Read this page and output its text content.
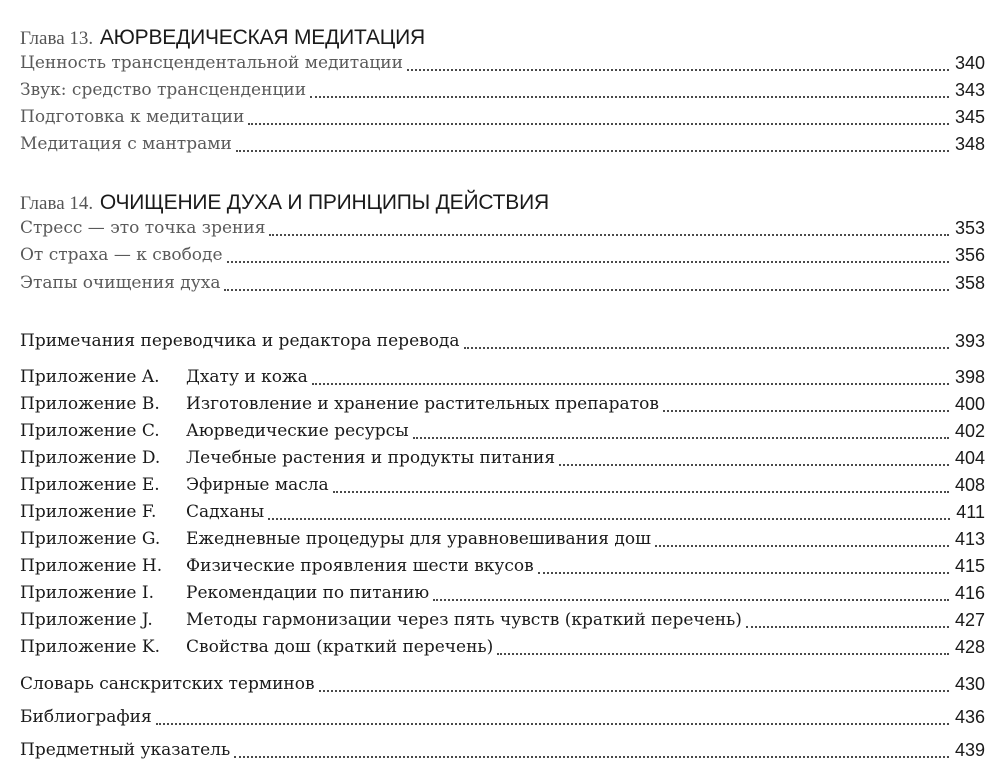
Глава 13. АЮРВЕДИЧЕСКАЯ МЕДИТАЦИЯ
Ценность трансцендентальной медитации	340
Звук: средство трансценденции	343
Подготовка к медитации	345
Медитация с мантрами	348
Глава 14. ОЧИЩЕНИЕ ДУХА И ПРИНЦИПЫ ДЕЙСТВИЯ
Стресс — это точка зрения	353
От страха — к свободе	356
Этапы очищения духа	358
Примечания переводчика и редактора перевода	393
Приложение A. Дхату и кожа	398
Приложение B. Изготовление и хранение растительных препаратов	400
Приложение C. Аюрведические ресурсы	402
Приложение D. Лечебные растения и продукты питания	404
Приложение E. Эфирные масла	408
Приложение F. Садханы	411
Приложение G. Ежедневные процедуры для уравновешивания дош	413
Приложение H. Физические проявления шести вкусов	415
Приложение I. Рекомендации по питанию	416
Приложение J. Методы гармонизации через пять чувств (краткий перечень)	427
Приложение K. Свойства дош (краткий перечень)	428
Словарь санскритских терминов	430
Библиография	436
Предметный указатель	439
